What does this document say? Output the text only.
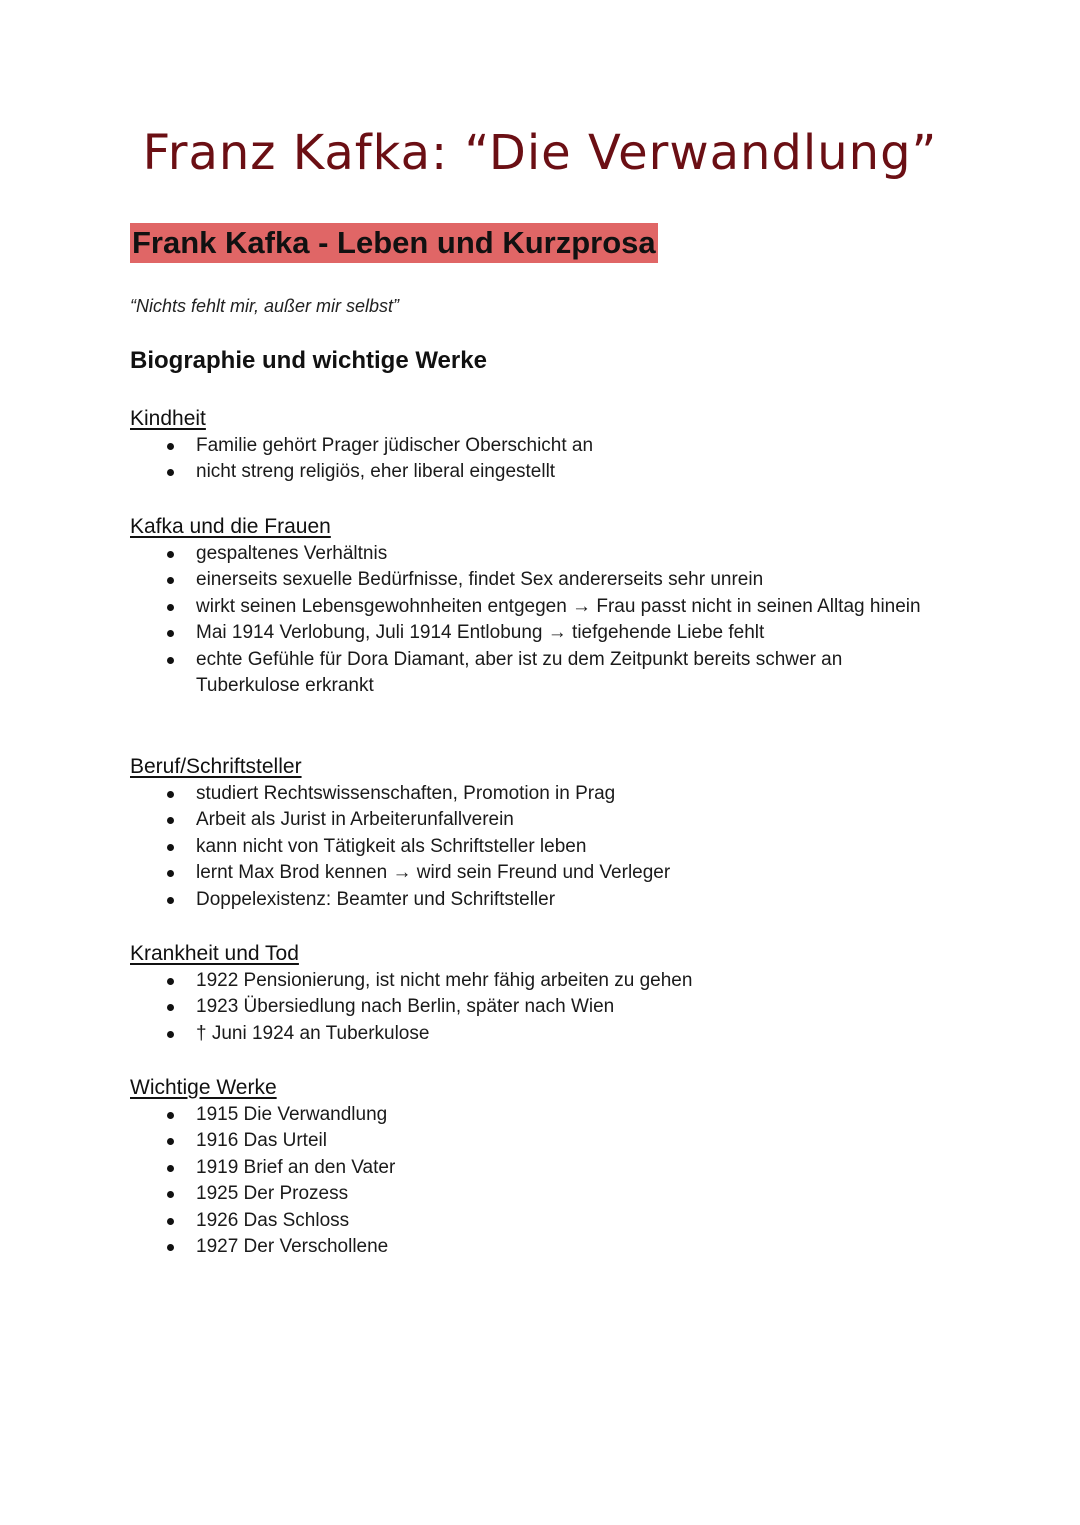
Franz Kafka: “Die Verwandlung”
Frank Kafka - Leben und Kurzprosa

“Nichts fehlt mir, außer mir selbst”

Biographie und wichtige Werke

Kindheit

Familie gehört Prager jüdischer Oberschicht an
nicht streng religiös, eher liberal eingestellt

Kafka und die Frauen

gespaltenes Verhältnis
einerseits sexuelle Bedürfnisse, findet Sex andererseits sehr unrein
wirkt seinen Lebensgewohnheiten entgegen → Frau passt nicht in seinen Alltag hinein
Mai 1914 Verlobung, Juli 1914 Entlobung → tiefgehende Liebe fehlt
echte Gefühle für Dora Diamant, aber ist zu dem Zeitpunkt bereits schwer an Tuberkulose erkrankt

Beruf/Schriftsteller

studiert Rechtswissenschaften, Promotion in Prag
Arbeit als Jurist in Arbeiterunfallverein
kann nicht von Tätigkeit als Schriftsteller leben
lernt Max Brod kennen → wird sein Freund und Verleger
Doppelexistenz: Beamter und Schriftsteller

Krankheit und Tod

1922 Pensionierung, ist nicht mehr fähig arbeiten zu gehen
1923 Übersiedlung nach Berlin, später nach Wien
† Juni 1924 an Tuberkulose

Wichtige Werke

1915 Die Verwandlung
1916 Das Urteil
1919 Brief an den Vater
1925 Der Prozess
1926 Das Schloss
1927 Der Verschollene
